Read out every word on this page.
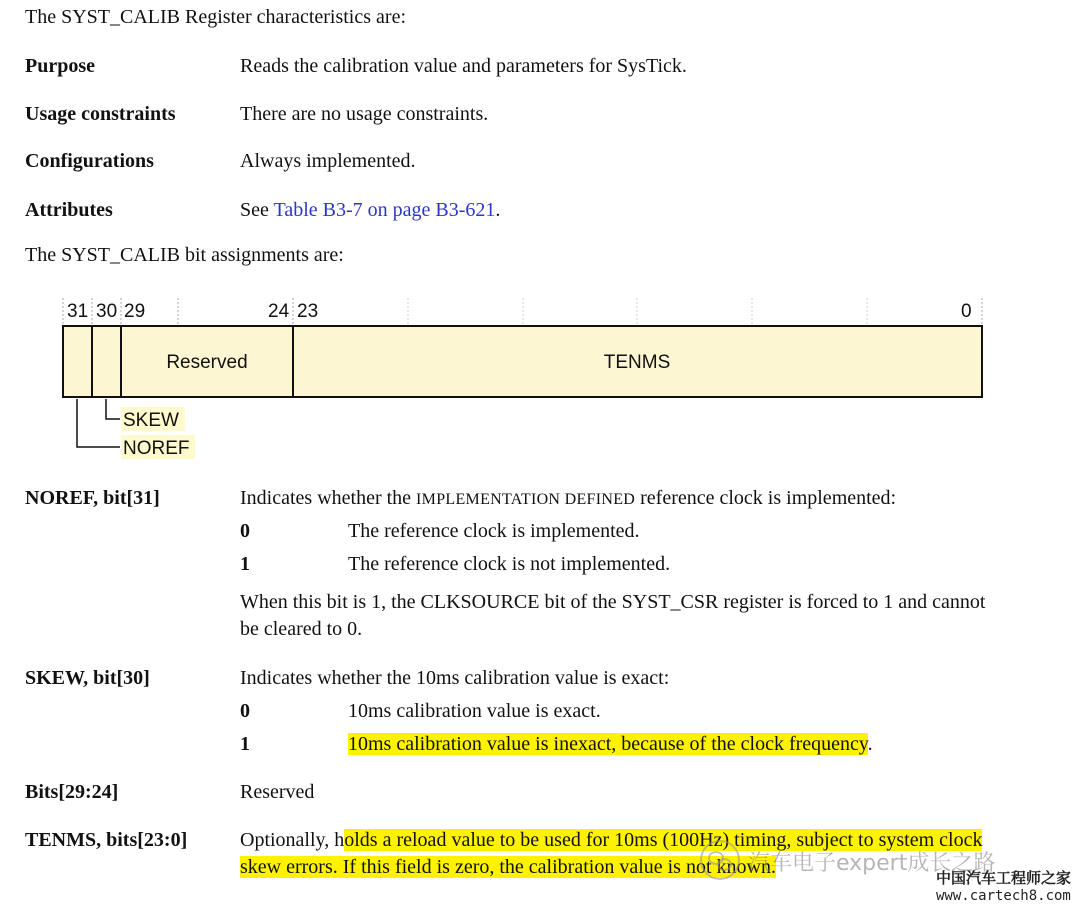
The SYST_CALIB Register characteristics are:
Purpose	Reads the calibration value and parameters for SysTick.
Usage constraints	There are no usage constraints.
Configurations	Always implemented.
Attributes	See Table B3-7 on page B3-621.
The SYST_CALIB bit assignments are:
31 30 29	24 23	0
Reserved	TENMS
SKEW
NOREF
NOREF, bit[31]	Indicates whether the IMPLEMENTATION DEFINED reference clock is implemented:
0	The reference clock is implemented.
1	The reference clock is not implemented.
When this bit is 1, the CLKSOURCE bit of the SYST_CSR register is forced to 1 and cannot
be cleared to 0.
SKEW, bit[30]	Indicates whether the 10ms calibration value is exact:
0	10ms calibration value is exact.
1	10ms calibration value is inexact, because of the clock frequency.
Bits[29:24]	Reserved
TENMS, bits[23:0]	Optionally, holds a reload value to be used for 10ms (100Hz) timing, subject to system clock
skew errors. If this field is zero, the calibration value is not known.
汽车电子expert成长之路
中国汽车工程师之家
www.cartech8.com
